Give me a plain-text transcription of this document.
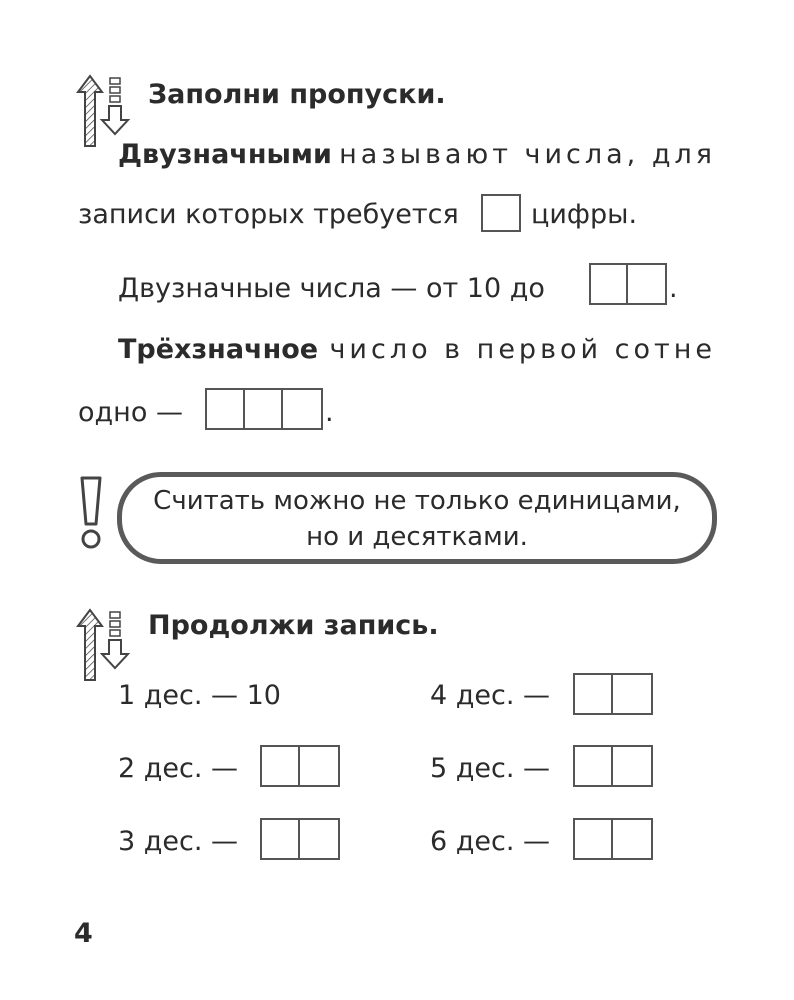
Заполни пропуски.
Двузначными называют числа, для
записи которых требуется	цифры.
Двузначные числа — от 10 до	.
Трёхзначное число в первой сотне
одно —	.
Считать можно не только единицами,
но и десятками.
Продолжи запись.
1 дес. — 10
2 дес. —
3 дес. —
4 дес. —
5 дес. —
6 дес. —
4
